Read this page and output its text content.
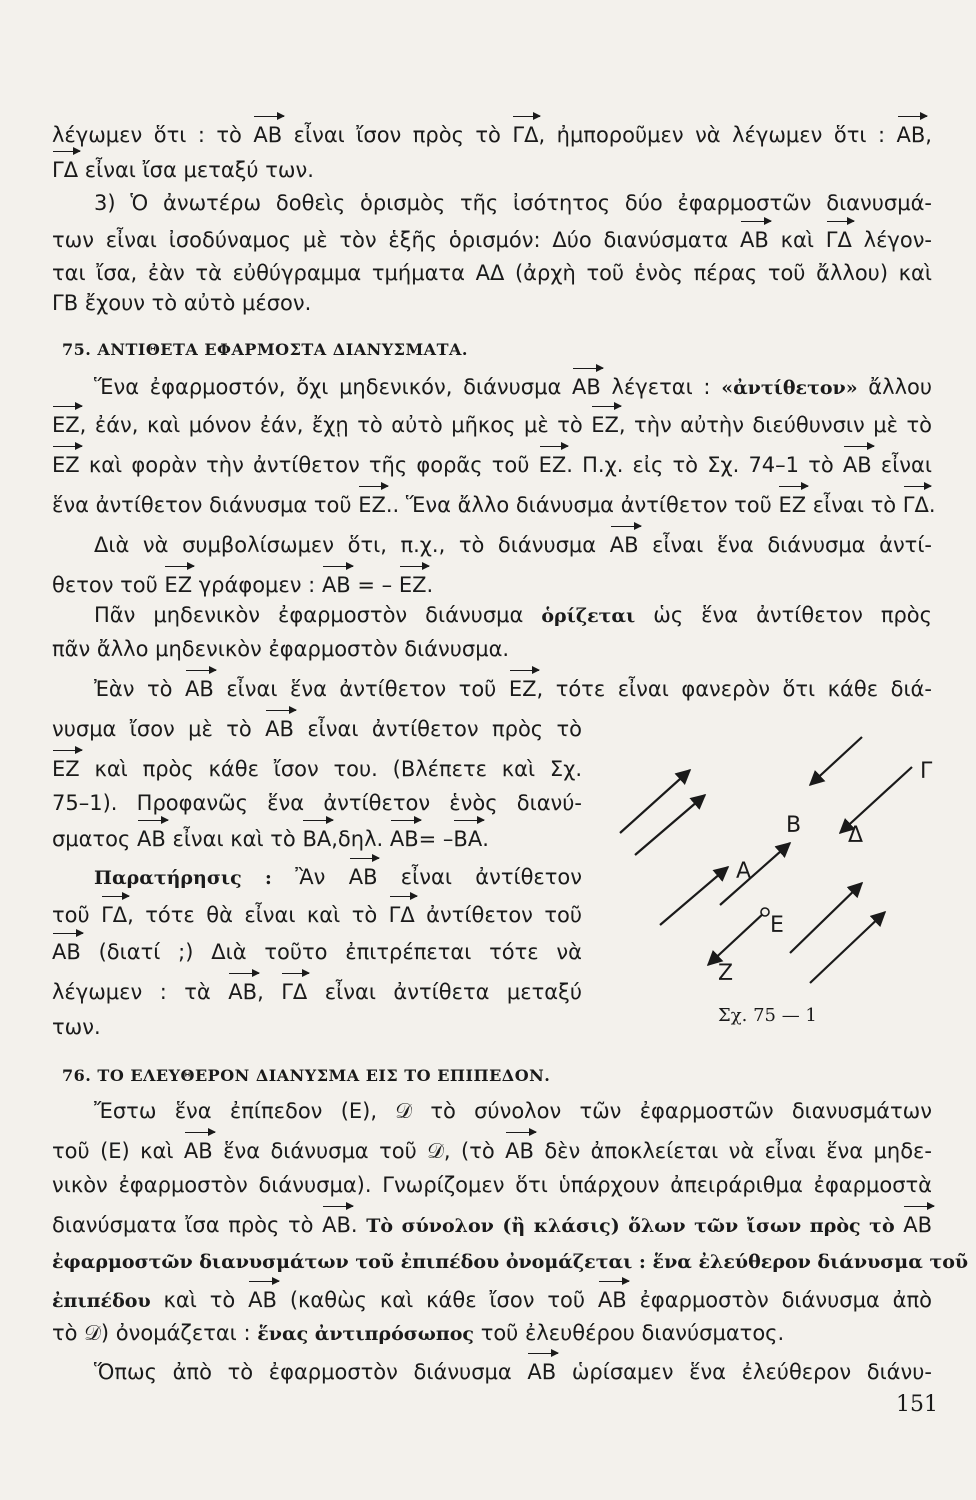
λέγωμεν ὅτι : τὸ ΑΒ εἶναι ἴσον πρὸς τὸ ΓΔ, ἠμποροῦμεν νὰ λέγωμεν ὅτι : ΑΒ,
ΓΔ εἶναι ἴσα μεταξύ των.
  3) Ὁ ἀνωτέρω δοθεὶς ὁρισμὸς τῆς ἰσότητος δύο ἐφαρμοστῶν διανυσμά-
των εἶναι ἰσοδύναμος μὲ τὸν ἑξῆς ὁρισμόν: Δύο διανύσματα ΑΒ καὶ ΓΔ λέγον-
ται ἴσα, ἐὰν τὰ εὐθύγραμμα τμήματα ΑΔ (ἀρχὴ τοῦ ἑνὸς πέρας τοῦ ἄλλου) καὶ
ΓΒ ἔχουν τὸ αὐτὸ μέσον.
  Ἕνα ἐφαρμοστόν, ὄχι μηδενικόν, διάνυσμα ΑΒ λέγεται : «ἀντίθετον» ἄλλου
ΕΖ, ἐάν, καὶ μόνον ἐάν, ἔχῃ τὸ αὐτὸ μῆκος μὲ τὸ ΕΖ, τὴν αὐτὴν διεύθυνσιν μὲ τὸ
ΕΖ καὶ φορὰν τὴν ἀντίθετον τῆς φορᾶς τοῦ ΕΖ. Π.χ. εἰς τὸ Σχ. 74–1 τὸ ΑΒ εἶναι
ἕνα ἀντίθετον διάνυσμα τοῦ ΕΖ.. Ἕνα ἄλλο διάνυσμα ἀντίθετον τοῦ ΕΖ εἶναι τὸ ΓΔ.
  Διὰ νὰ συμβολίσωμεν ὅτι, π.χ., τὸ διάνυσμα ΑΒ εἶναι ἕνα διάνυσμα ἀντί-
θετον τοῦ ΕΖ γράφομεν : ΑΒ = – ΕΖ.
  Πᾶν μηδενικὸν ἐφαρμοστὸν διάνυσμα ὁρίζεται ὡς ἕνα ἀντίθετον πρὸς
πᾶν ἄλλο μηδενικὸν ἐφαρμοστὸν διάνυσμα.
  Ἐὰν τὸ ΑΒ εἶναι ἕνα ἀντίθετον τοῦ ΕΖ, τότε εἶναι φανερὸν ὅτι κάθε διά-
νυσμα ἴσον μὲ τὸ ΑΒ εἶναι ἀντίθετον πρὸς τὸ
ΕΖ καὶ πρὸς κάθε ἴσον του. (Βλέπετε καὶ Σχ.
75–1). Προφανῶς ἕνα ἀντίθετον ἑνὸς διανύ-
σματος ΑΒ εἶναι καὶ τὸ ΒΑ,δηλ. ΑΒ= –ΒΑ.
  Παρατήρησις : Ἂν ΑΒ εἶναι ἀντίθετον
τοῦ ΓΔ, τότε θὰ εἶναι καὶ τὸ ΓΔ ἀντίθετον τοῦ
ΑΒ (διατί ;) Διὰ τοῦτο ἐπιτρέπεται τότε νὰ
λέγωμεν : τὰ ΑΒ, ΓΔ εἶναι ἀντίθετα μεταξύ
των.
  Ἔστω ἕνα ἐπίπεδον (Ε), 𝒟 τὸ σύνολον τῶν ἐφαρμοστῶν διανυσμάτων
τοῦ (Ε) καὶ ΑΒ ἕνα διάνυσμα τοῦ 𝒟, (τὸ ΑΒ δὲν ἀποκλείεται νὰ εἶναι ἕνα μηδε-
νικὸν ἐφαρμοστὸν διάνυσμα). Γνωρίζομεν ὅτι ὑπάρχουν ἀπειράριθμα ἐφαρμοστὰ
διανύσματα ἴσα πρὸς τὸ ΑΒ. Τὸ σύνολον (ἢ κλάσις) ὅλων τῶν ἴσων πρὸς τὸ ΑΒ
ἐφαρμοστῶν διανυσμάτων τοῦ ἐπιπέδου ὀνομάζεται : ἕνα ἐλεύθερον διάνυσμα τοῦ
ἐπιπέδου καὶ τὸ ΑΒ (καθὼς καὶ κάθε ἴσον τοῦ ΑΒ ἐφαρμοστὸν διάνυσμα ἀπὸ
τὸ 𝒟) ὀνομάζεται : ἕνας ἀντιπρόσωπος τοῦ ἐλευθέρου διανύσματος.
  Ὅπως ἀπὸ τὸ ἐφαρμοστὸν διάνυσμα ΑΒ ὡρίσαμεν ἕνα ἐλεύθερον διάνυ-
75. ΑΝΤΙΘΕΤΑ ΕΦΑΡΜΟΣΤΑ ΔΙΑΝΥΣΜΑΤΑ.
76. ΤΟ ΕΛΕΥΘΕΡΟΝ ΔΙΑΝΥΣΜΑ ΕΙΣ ΤΟ ΕΠΙΠΕΔΟΝ.
Γ
Β Δ
Α
Ε
Ζ
Σχ. 75 — 1
151
